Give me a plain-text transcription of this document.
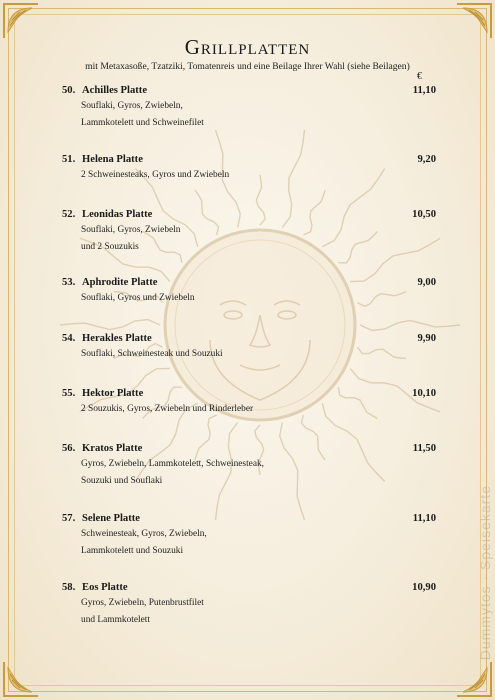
Dummytos · Speisekarte
Grillplatten
mit Metaxasoße, Tzatziki, Tomatenreis und eine Beilage Ihrer Wahl (siehe Beilagen)
€
50. Achilles Platte	11,10
Souflaki, Gyros, Zwiebeln,
Lammkotelett und Schweinefilet
51. Helena Platte	9,20
2 Schweinesteaks, Gyros und Zwiebeln
52. Leonidas Platte	10,50
Souflaki, Gyros, Zwiebeln
und 2 Souzukis
53. Aphrodite Platte	9,00
Souflaki, Gyros und Zwiebeln
54. Herakles Platte	9,90
Souflaki, Schweinesteak und Souzuki
55. Hektor Platte	10,10
2 Souzukis, Gyros, Zwiebeln und Rinderleber
56. Kratos Platte	11,50
Gyros, Zwiebeln, Lammkotelett, Schweinesteak,
Souzuki und Souflaki
57. Selene Platte	11,10
Schweinesteak, Gyros, Zwiebeln,
Lammkotelett und Souzuki
58. Eos Platte	10,90
Gyros, Zwiebeln, Putenbrustfilet
und Lammkotelett
